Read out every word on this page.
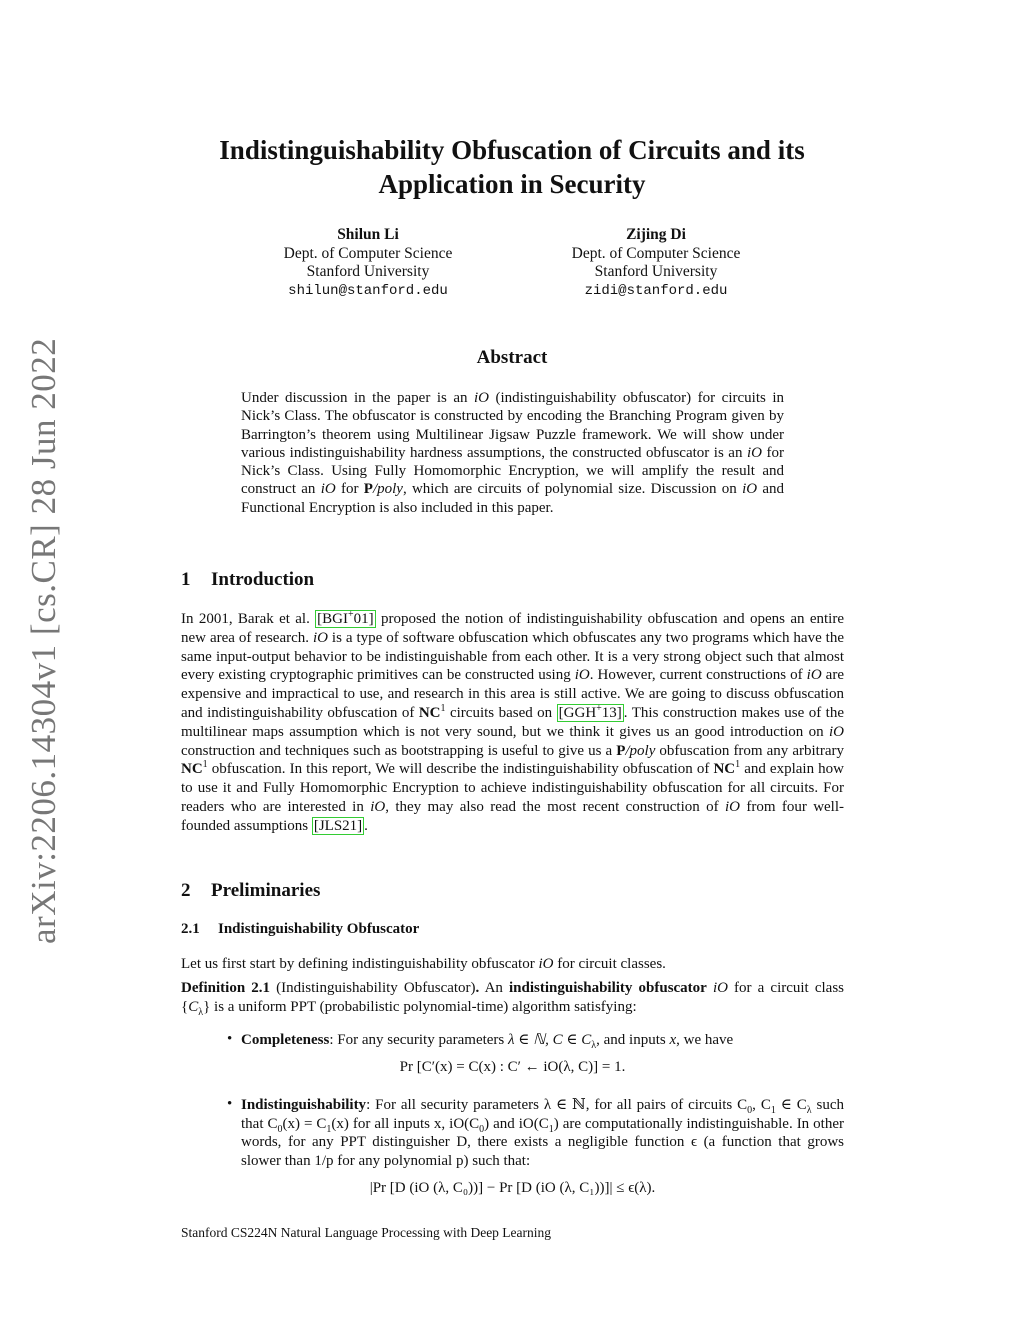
arXiv:2206.14304v1 [cs.CR] 28 Jun 2022
Indistinguishability Obfuscation of Circuits and its
Application in Security
Shilun Li
Dept. of Computer Science
Stanford University
shilun@stanford.edu
Zijing Di
Dept. of Computer Science
Stanford University
zidi@stanford.edu
Abstract

Under discussion in the paper is an iO (indistinguishability obfuscator) for circuits in Nick’s Class. The obfuscator is constructed by encoding the Branching Program given by Barrington’s theorem using Multilinear Jigsaw Puzzle framework. We will show under various indistinguishability hardness assumptions, the constructed obfuscator is an iO for Nick’s Class. Using Fully Homomorphic Encryption, we will amplify the result and construct an iO for P/poly, which are circuits of polynomial size. Discussion on iO and Functional Encryption is also included in this paper.

1 Introduction

In 2001, Barak et al. [BGI+01] proposed the notion of indistinguishability obfuscation and opens an entire new area of research. iO is a type of software obfuscation which obfuscates any two programs which have the same input-output behavior to be indistinguishable from each other. It is a very strong object such that almost every existing cryptographic primitives can be constructed using iO. However, current constructions of iO are expensive and impractical to use, and research in this area is still active. We are going to discuss obfuscation and indistinguishability obfuscation of $NC^1$ circuits based on [GGH+13] . This construction makes use of the multilinear maps assumption which is not very sound, but we think it gives us an good introduction on iO construction and techniques such as bootstrapping is useful to give us a P/poly obfuscation from any arbitrary $NC^1$ obfuscation. In this report, We will describe the indistinguishability obfuscation of $NC^1$ and explain how to use it and Fully Homomorphic Encryption to achieve indistinguishability obfuscation for all circuits. For readers who are interested in iO, they may also read the most recent construction of iO from four well-founded assumptions [JLS21] .

2 Preliminaries
2.1 Indistinguishability Obfuscator

Let us first start by defining indistinguishability obfuscator iO for circuit classes.

Definition 2.1 (Indistinguishability Obfuscator). An indistinguishability obfuscator iO for a circuit class $\{C_\lambda\}$ is a uniform PPT (probabilistic polynomial-time) algorithm satisfying:

• Completeness: For any security parameters λ ∈ ℕ, C ∈ $C_\lambda$, and inputs x, we have
Pr [C′(x) = C(x) : C′ ← iO(λ, C)] = 1.
• Indistinguishability: For all security parameters λ ∈ ℕ, for all pairs of circuits $C_0$, $C_1$ ∈ $C_\lambda$ such that $C_0(x) = C_1(x)$ for all inputs x, $iO(C_0)$ and $iO(C_1)$ are computationally indistinguishable. In other words, for any PPT distinguisher D, there exists a negligible function ϵ (a function that grows slower than 1/p for any polynomial p) such that:
|Pr [D (iO (λ, C₀))] − Pr [D (iO (λ, C₁))]| ≤ ϵ(λ).
Stanford CS224N Natural Language Processing with Deep Learning
